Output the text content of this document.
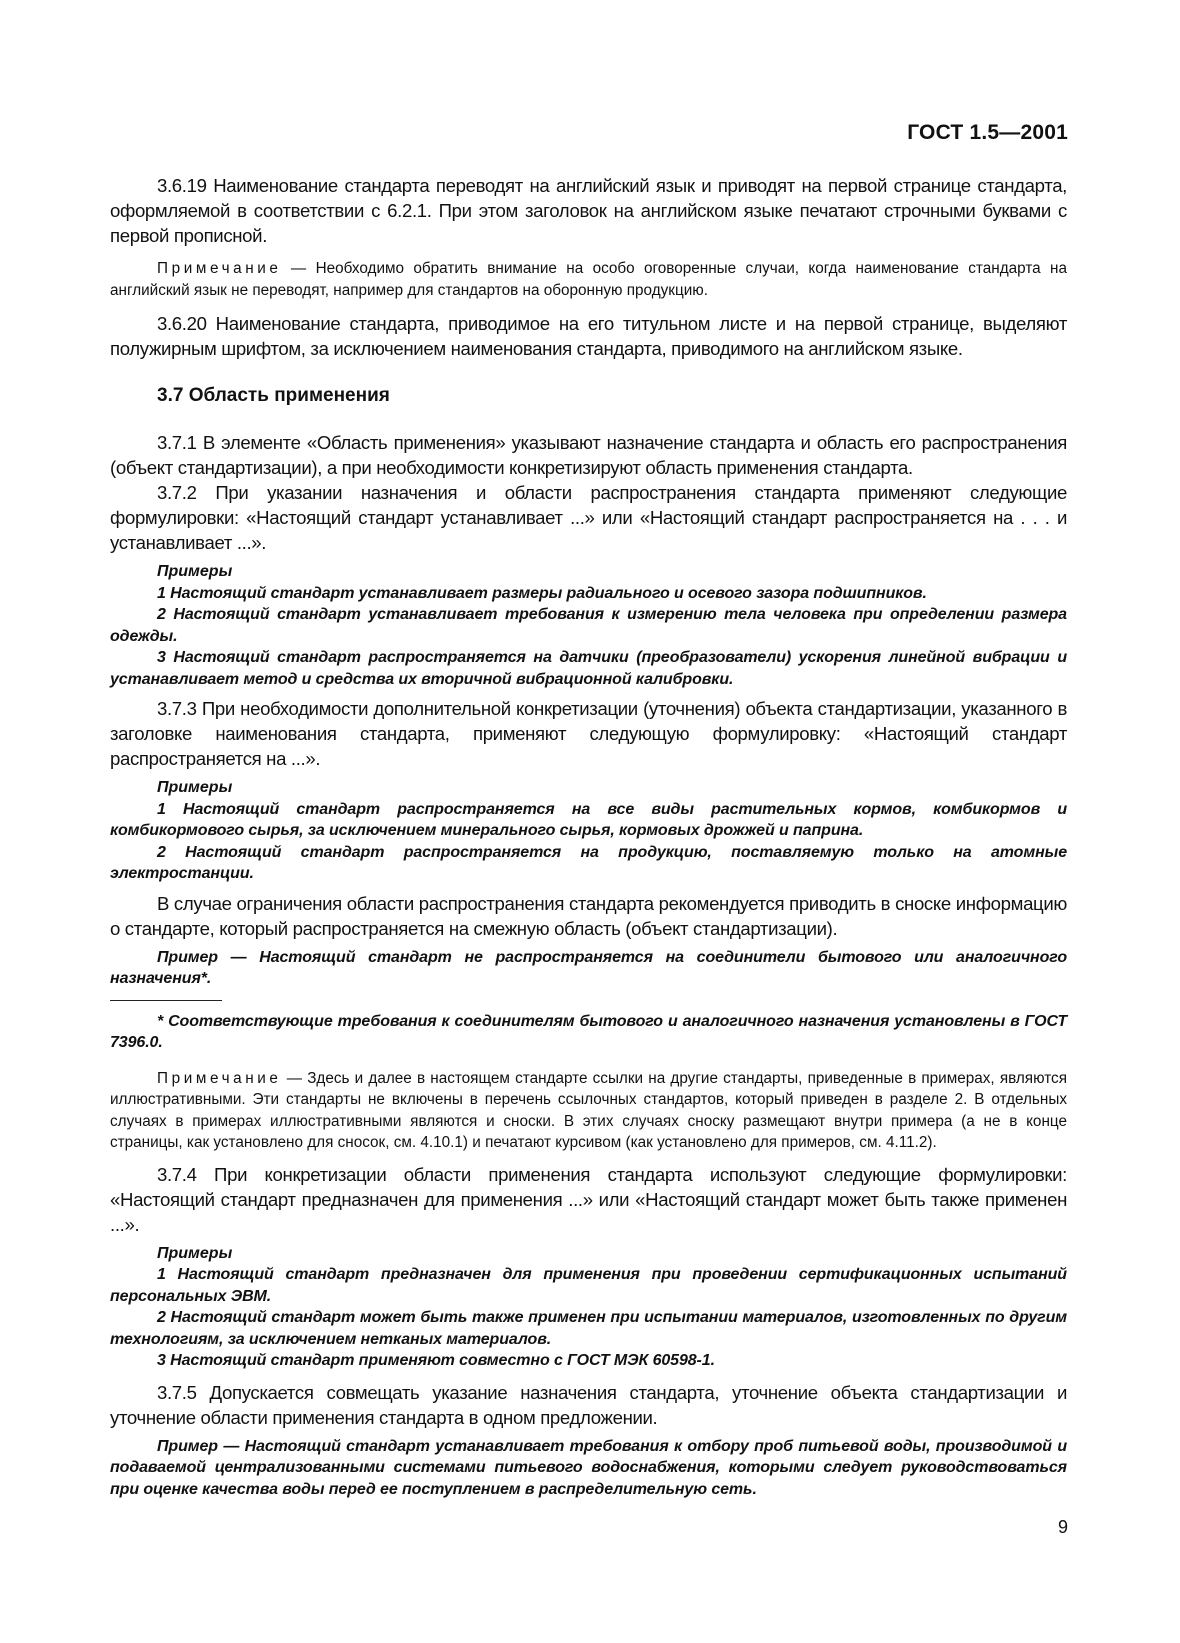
ГОСТ 1.5—2001

3.6.19 Наименование стандарта переводят на английский язык и приводят на первой странице стандарта, оформляемой в соответствии с 6.2.1. При этом заголовок на английском языке печатают строчными буквами с первой прописной.

Примечание — Необходимо обратить внимание на особо оговоренные случаи, когда наименование стандарта на английский язык не переводят, например для стандартов на оборонную продукцию.

3.6.20 Наименование стандарта, приводимое на его титульном листе и на первой странице, выделяют полужирным шрифтом, за исключением наименования стандарта, приводимого на английском языке.

3.7 Область применения

3.7.1 В элементе «Область применения» указывают назначение стандарта и область его распространения (объект стандартизации), а при необходимости конкретизируют область применения стандарта.

3.7.2 При указании назначения и области распространения стандарта применяют следующие формулировки: «Настоящий стандарт устанавливает ...» или «Настоящий стандарт распространяется на . . . и устанавливает ...».

Примеры

1 Настоящий стандарт устанавливает размеры радиального и осевого зазора подшипников.

2 Настоящий стандарт устанавливает требования к измерению тела человека при определении размера одежды.

3 Настоящий стандарт распространяется на датчики (преобразователи) ускорения линейной вибрации и устанавливает метод и средства их вторичной вибрационной калибровки.

3.7.3 При необходимости дополнительной конкретизации (уточнения) объекта стандартизации, указанного в заголовке наименования стандарта, применяют следующую формулировку: «Настоящий стандарт распространяется на ...».

Примеры

1 Настоящий стандарт распространяется на все виды растительных кормов, комбикормов и комбикормового сырья, за исключением минерального сырья, кормовых дрожжей и паприна.

2 Настоящий стандарт распространяется на продукцию, поставляемую только на атомные электростанции.

В случае ограничения области распространения стандарта рекомендуется приводить в сноске информацию о стандарте, который распространяется на смежную область (объект стандартизации).

Пример — Настоящий стандарт не распространяется на соединители бытового или аналогичного назначения*.

* Соответствующие требования к соединителям бытового и аналогичного назначения установлены в ГОСТ 7396.0.

Примечание — Здесь и далее в настоящем стандарте ссылки на другие стандарты, приведенные в примерах, являются иллюстративными. Эти стандарты не включены в перечень ссылочных стандартов, который приведен в разделе 2. В отдельных случаях в примерах иллюстративными являются и сноски. В этих случаях сноску размещают внутри примера (а не в конце страницы, как установлено для сносок, см. 4.10.1) и печатают курсивом (как установлено для примеров, см. 4.11.2).

3.7.4 При конкретизации области применения стандарта используют следующие формулировки: «Настоящий стандарт предназначен для применения ...» или «Настоящий стандарт может быть также применен ...».

Примеры

1 Настоящий стандарт предназначен для применения при проведении сертификационных испытаний персональных ЭВМ.

2 Настоящий стандарт может быть также применен при испытании материалов, изготовленных по другим технологиям, за исключением нетканых материалов.

3 Настоящий стандарт применяют совместно с ГОСТ МЭК 60598-1.

3.7.5 Допускается совмещать указание назначения стандарта, уточнение объекта стандартизации и уточнение области применения стандарта в одном предложении.

Пример — Настоящий стандарт устанавливает требования к отбору проб питьевой воды, производимой и подаваемой централизованными системами питьевого водоснабжения, которыми следует руководствоваться при оценке качества воды перед ее поступлением в распределительную сеть.

9
